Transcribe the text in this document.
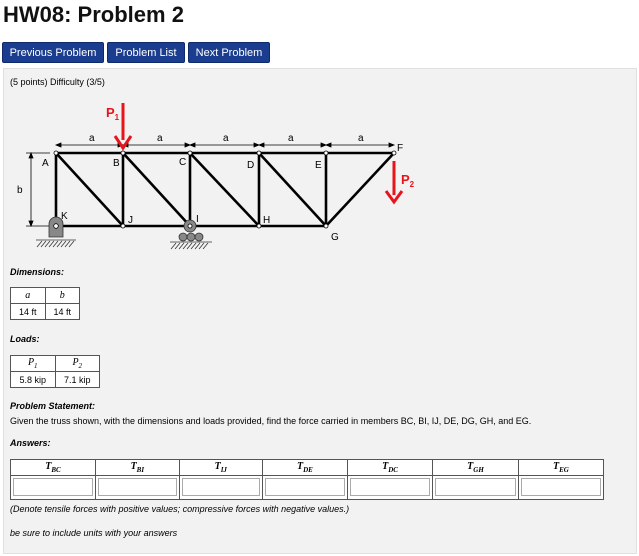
HW08: Problem 2
Previous Problem	Problem List	Next Problem
(5 points) Difficulty (3/5)
a	a	a	a	a
b
$P_1$
$P_2$
A	B	C	D	E
F
G
H
I
J
K
Dimensions:
a	b
14 ft	14 ft
Loads:
$P_1$	$P_2$
5.8 kip	7.1 kip
Problem Statement:
Given the truss shown, with the dimensions and loads provided, find the force carried in members BC, BI, IJ, DE, DG, GH, and EG.
Answers:
$T_{BC}$	$T_{BI}$	$T_{IJ}$	$T_{DE}$	$T_{DC}$	$T_{GH}$	$T_{EG}$

(Denote tensile forces with positive values; compressive forces with negative values.)
be sure to include units with your answers
